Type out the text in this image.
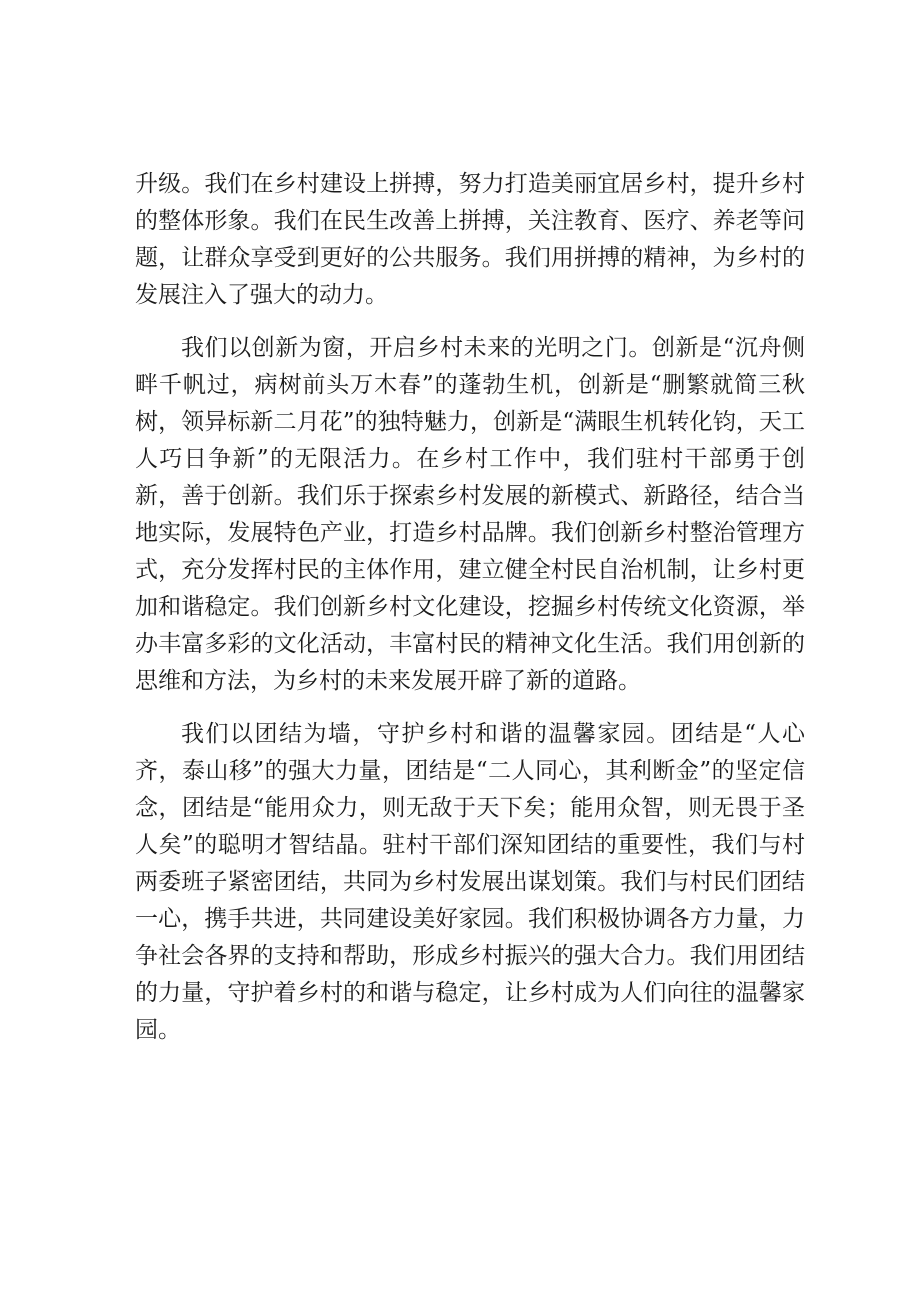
升级。我们在乡村建设上拼搏，努力打造美丽宜居乡村，提升乡村的整体形象。我们在民生改善上拼搏，关注教育、医疗、养老等问题，让群众享受到更好的公共服务。我们用拼搏的精神，为乡村的发展注入了强大的动力。

我们以创新为窗，开启乡村未来的光明之门。创新是“沉舟侧畔千帆过，病树前头万木春”的蓬勃生机，创新是“删繁就简三秋树，领异标新二月花”的独特魅力，创新是“满眼生机转化钧，天工人巧日争新”的无限活力。在乡村工作中，我们驻村干部勇于创新，善于创新。我们乐于探索乡村发展的新模式、新路径，结合当地实际，发展特色产业，打造乡村品牌。我们创新乡村整治管理方式，充分发挥村民的主体作用，建立健全村民自治机制，让乡村更加和谐稳定。我们创新乡村文化建设，挖掘乡村传统文化资源，举办丰富多彩的文化活动，丰富村民的精神文化生活。我们用创新的思维和方法，为乡村的未来发展开辟了新的道路。

我们以团结为墙，守护乡村和谐的温馨家园。团结是“人心齐，泰山移”的强大力量，团结是“二人同心，其利断金”的坚定信念，团结是“能用众力，则无敌于天下矣；能用众智，则无畏于圣人矣”的聪明才智结晶。驻村干部们深知团结的重要性，我们与村两委班子紧密团结，共同为乡村发展出谋划策。我们与村民们团结一心，携手共进，共同建设美好家园。我们积极协调各方力量，力争社会各界的支持和帮助，形成乡村振兴的强大合力。我们用团结的力量，守护着乡村的和谐与稳定，让乡村成为人们向往的温馨家园。
